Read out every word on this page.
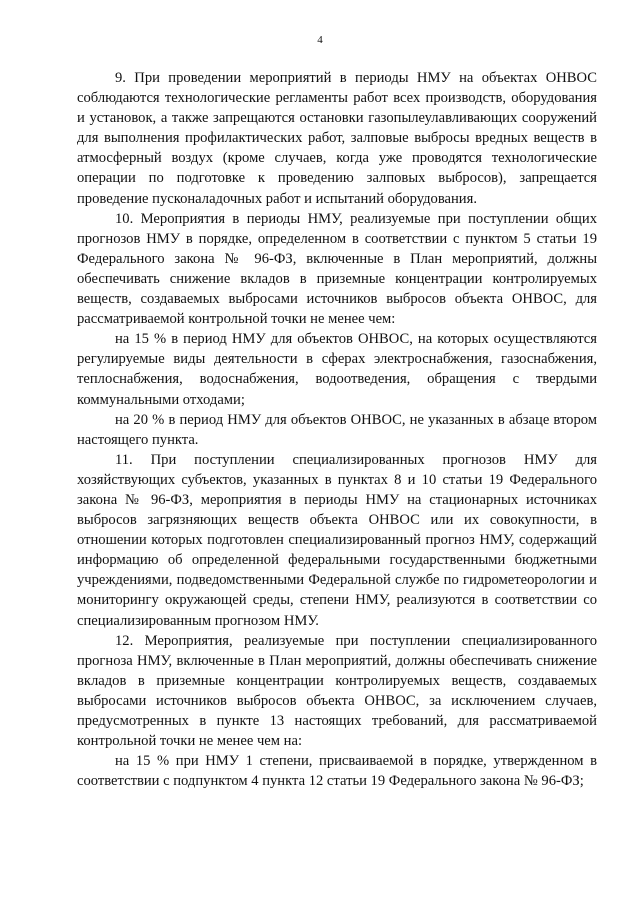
4

9. При проведении мероприятий в периоды НМУ на объектах ОНВОС соблюдаются технологические регламенты работ всех производств, оборудования и установок, а также запрещаются остановки газопылеулавливающих сооружений для выполнения профилактических работ, залповые выбросы вредных веществ в атмосферный воздух (кроме случаев, когда уже проводятся технологические операции по подготовке к проведению залповых выбросов), запрещается проведение пусконаладочных работ и испытаний оборудования.

10. Мероприятия в периоды НМУ, реализуемые при поступлении общих прогнозов НМУ в порядке, определенном в соответствии с пунктом 5 статьи 19 Федерального закона № 96-ФЗ, включенные в План мероприятий, должны обеспечивать снижение вкладов в приземные концентрации контролируемых веществ, создаваемых выбросами источников выбросов объекта ОНВОС, для рассматриваемой контрольной точки не менее чем:

на 15 % в период НМУ для объектов ОНВОС, на которых осуществляются регулируемые виды деятельности в сферах электроснабжения, газоснабжения, теплоснабжения, водоснабжения, водоотведения, обращения с твердыми коммунальными отходами;

на 20 % в период НМУ для объектов ОНВОС, не указанных в абзаце втором настоящего пункта.

11. При поступлении специализированных прогнозов НМУ для хозяйствующих субъектов, указанных в пунктах 8 и 10 статьи 19 Федерального закона № 96-ФЗ, мероприятия в периоды НМУ на стационарных источниках выбросов загрязняющих веществ объекта ОНВОС или их совокупности, в отношении которых подготовлен специализированный прогноз НМУ, содержащий информацию об определенной федеральными государственными бюджетными учреждениями, подведомственными Федеральной службе по гидрометеорологии и мониторингу окружающей среды, степени НМУ, реализуются в соответствии со специализированным прогнозом НМУ.

12. Мероприятия, реализуемые при поступлении специализированного прогноза НМУ, включенные в План мероприятий, должны обеспечивать снижение вкладов в приземные концентрации контролируемых веществ, создаваемых выбросами источников выбросов объекта ОНВОС, за исключением случаев, предусмотренных в пункте 13 настоящих требований, для рассматриваемой контрольной точки не менее чем на:

на 15 % при НМУ 1 степени, присваиваемой в порядке, утвержденном в соответствии с подпунктом 4 пункта 12 статьи 19 Федерального закона № 96-ФЗ;
